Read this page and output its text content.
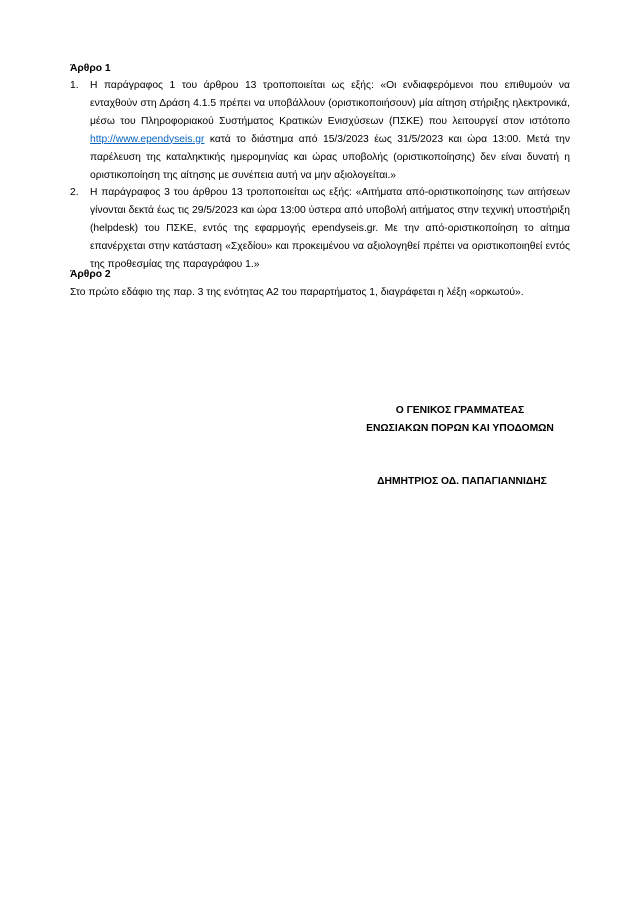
Άρθρο 1
1. Η παράγραφος 1 του άρθρου 13 τροποποιείται ως εξής: «Οι ενδιαφερόμενοι που επιθυμούν να ενταχθούν στη Δράση 4.1.5 πρέπει να υποβάλλουν (οριστικοποιήσουν) μία αίτηση στήριξης ηλεκτρονικά, μέσω του Πληροφοριακού Συστήματος Κρατικών Ενισχύσεων (ΠΣΚΕ) που λειτουργεί στον ιστότοπο http://www.ependyseis.gr κατά το διάστημα από 15/3/2023 έως 31/5/2023 και ώρα 13:00. Μετά την παρέλευση της καταληκτικής ημερομηνίας και ώρας υποβολής (οριστικοποίησης) δεν είναι δυνατή η οριστικοποίηση της αίτησης με συνέπεια αυτή να μην αξιολογείται.»
2. Η παράγραφος 3 του άρθρου 13 τροποποιείται ως εξής: «Αιτήματα από-οριστικοποίησης των αιτήσεων γίνονται δεκτά έως τις 29/5/2023 και ώρα 13:00 ύστερα από υποβολή αιτήματος στην τεχνική υποστήριξη (helpdesk) του ΠΣΚΕ, εντός της εφαρμογής ependyseis.gr. Με την από-οριστικοποίηση το αίτημα επανέρχεται στην κατάσταση «Σχεδίου» και προκειμένου να αξιολογηθεί πρέπει να οριστικοποιηθεί εντός της προθεσμίας της παραγράφου 1.»
Άρθρο 2
Στο πρώτο εδάφιο της παρ. 3 της ενότητας Α2 του παραρτήματος 1, διαγράφεται η λέξη «ορκωτού».
Ο ΓΕΝΙΚΟΣ ΓΡΑΜΜΑΤΕΑΣ
ΕΝΩΣΙΑΚΩΝ ΠΟΡΩΝ ΚΑΙ ΥΠΟΔΟΜΩΝ
ΔΗΜΗΤΡΙΟΣ ΟΔ. ΠΑΠΑΓΙΑΝΝΙΔΗΣ
